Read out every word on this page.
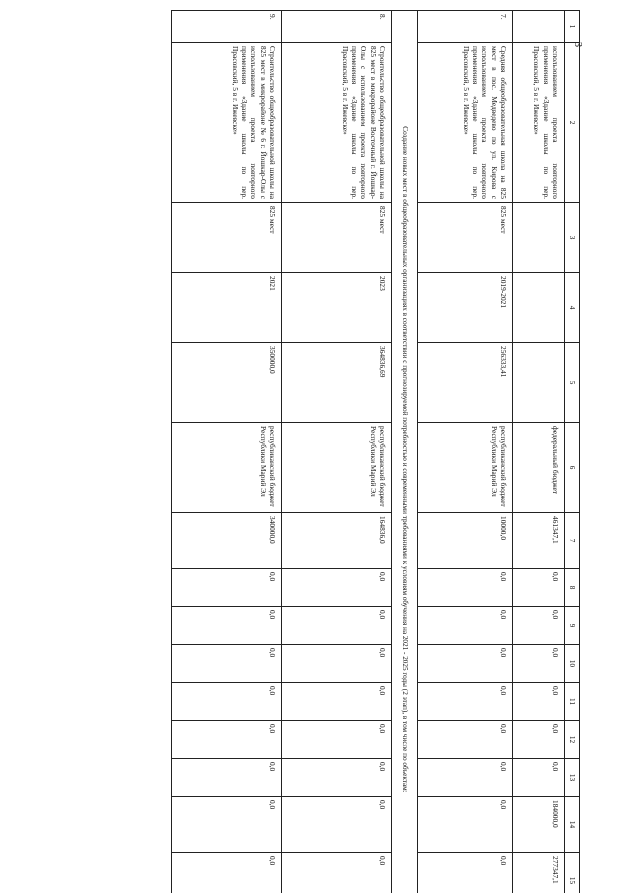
3
1	2	3	4	5	6	7	8	9	10	11	12	13	14	15
	использованием проекта повторного применения «Здание школы по пер. Прасовский, 5 в г. Ижевске»				федеральный бюджет	461347,1	0,0	0,0	0,0	0,0	0,0	0,0	184000,0	277347,1
7.	Средняя общеобразовательная школа на 825 мест в пос. Медведево по ул. Кирова с использованием проекта повторного применения «Здание школы по пер. Прасовский, 5 в г. Ижевске»	825 мест	2019-2021	256333,41	республиканский бюджет Республики Марий Эл	10000,0	0,0	0,0	0,0	0,0	0,0	0,0	0,0	0,0
Создание новых мест в общеобразовательных организациях в соответствии с прогнозируемой потребностью и современными требованиями к условиям обучения на 2021 - 2025 годы (2 этап), в том числе по объектам:														
8.	Строительство общеобразовательной школы на 825 мест в микрорайоне Восточный г. Йошкар-Олы с использованием проекта повторного применения «Здание школы по пер. Прасовский, 5 в г. Ижевске»	825 мест	2023	364836,69	республиканский бюджет Республики Марий Эл	164836,0	0,0	0,0	0,0	0,0	0,0	0,0	0,0	0,0
9.	Строительство общеобразовательной школы на 825 мест в микрорайоне № 6 г. Йошкар-Олы с использованием проекта повторного применения «Здание школы по пер. Прасовский, 5 в г. Ижевске»	825 мест	2021	350000,0	республиканский бюджет Республики Марий Эл	340000,0	0,0	0,0	0,0	0,0	0,0	0,0	0,0	0,0
